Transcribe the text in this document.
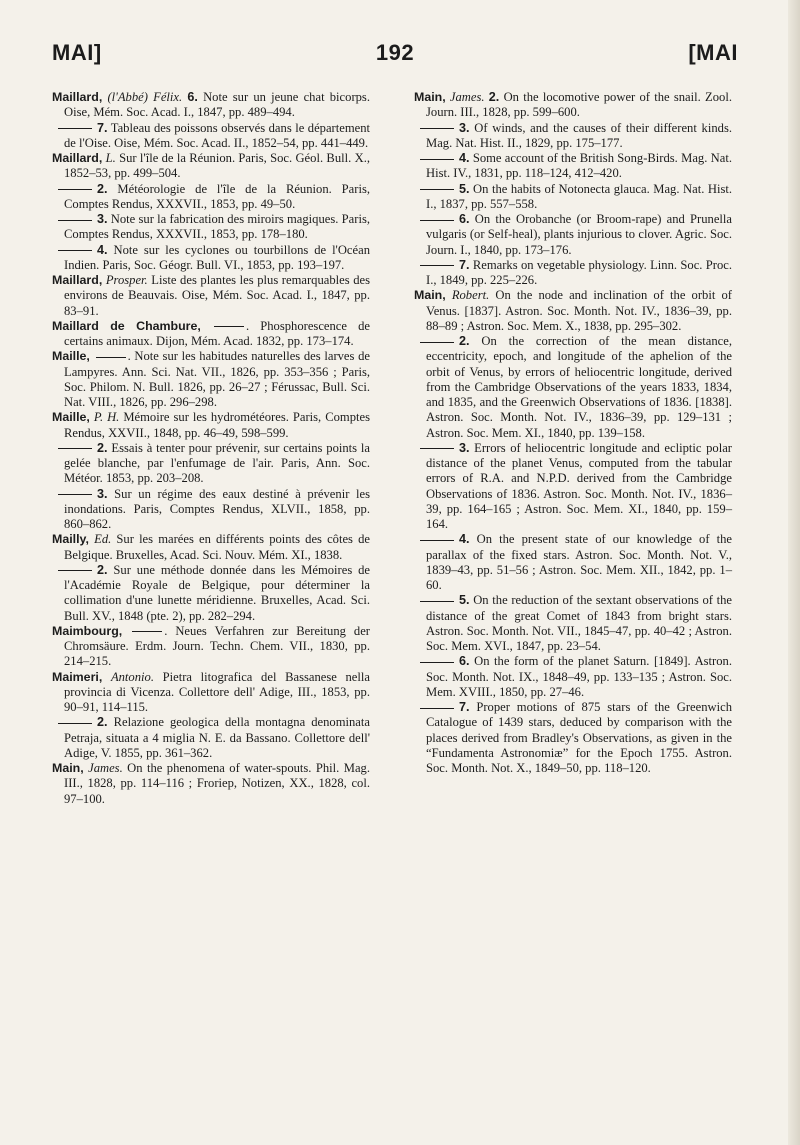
MAI]	192	[MAI
Maillard, (l'Abbé) Félix. 6. Note sur un jeune chat bicorps. Oise, Mém. Soc. Acad. I., 1847, pp. 489–494.
7. Tableau des poissons observés dans le département de l'Oise. Oise, Mém. Soc. Acad. II., 1852–54, pp. 441–449.
Maillard, L. Sur l'île de la Réunion. Paris, Soc. Géol. Bull. X., 1852–53, pp. 499–504.
2. Météorologie de l'île de la Réunion. Paris, Comptes Rendus, XXXVII., 1853, pp. 49–50.
3. Note sur la fabrication des miroirs magiques. Paris, Comptes Rendus, XXXVII., 1853, pp. 178–180.
4. Note sur les cyclones ou tourbillons de l'Océan Indien. Paris, Soc. Géogr. Bull. VI., 1853, pp. 193–197.
Maillard, Prosper. Liste des plantes les plus remarquables des environs de Beauvais. Oise, Mém. Soc. Acad. I., 1847, pp. 83–91.
Maillard de Chambure,	. Phosphorescence de certains animaux. Dijon, Mém. Acad. 1832, pp. 173–174.
Maille,	. Note sur les habitudes naturelles des larves de Lampyres. Ann. Sci. Nat. VII., 1826, pp. 353–356 ; Paris, Soc. Philom. N. Bull. 1826, pp. 26–27 ; Férussac, Bull. Sci. Nat. VIII., 1826, pp. 296–298.
Maille, P. H. Mémoire sur les hydrométéores. Paris, Comptes Rendus, XXVII., 1848, pp. 46–49, 598–599.
2. Essais à tenter pour prévenir, sur certains points la gelée blanche, par l'enfumage de l'air. Paris, Ann. Soc. Météor. 1853, pp. 203–208.
3. Sur un régime des eaux destiné à prévenir les inondations. Paris, Comptes Rendus, XLVII., 1858, pp. 860–862.
Mailly, Ed. Sur les marées en différents points des côtes de Belgique. Bruxelles, Acad. Sci. Nouv. Mém. XI., 1838.
2. Sur une méthode donnée dans les Mémoires de l'Académie Royale de Belgique, pour déterminer la collimation d'une lunette méridienne. Bruxelles, Acad. Sci. Bull. XV., 1848 (pte. 2), pp. 282–294.
Maimbourg,	. Neues Verfahren zur Bereitung der Chromsäure. Erdm. Journ. Techn. Chem. VII., 1830, pp. 214–215.
Maimeri, Antonio. Pietra litografica del Bassanese nella provincia di Vicenza. Collettore dell' Adige, III., 1853, pp. 90–91, 114–115.
2. Relazione geologica della montagna denominata Petraja, situata a 4 miglia N. E. da Bassano. Collettore dell' Adige, V. 1855, pp. 361–362.
Main, James. On the phenomena of water-spouts. Phil. Mag. III., 1828, pp. 114–116 ; Froriep, Notizen, XX., 1828, col. 97–100.
Main, James. 2. On the locomotive power of the snail. Zool. Journ. III., 1828, pp. 599–600.
3. Of winds, and the causes of their different kinds. Mag. Nat. Hist. II., 1829, pp. 175–177.
4. Some account of the British Song-Birds. Mag. Nat. Hist. IV., 1831, pp. 118–124, 412–420.
5. On the habits of Notonecta glauca. Mag. Nat. Hist. I., 1837, pp. 557–558.
6. On the Orobanche (or Broom-rape) and Prunella vulgaris (or Self-heal), plants injurious to clover. Agric. Soc. Journ. I., 1840, pp. 173–176.
7. Remarks on vegetable physiology. Linn. Soc. Proc. I., 1849, pp. 225–226.
Main, Robert. On the node and inclination of the orbit of Venus. [1837]. Astron. Soc. Month. Not. IV., 1836–39, pp. 88–89 ; Astron. Soc. Mem. X., 1838, pp. 295–302.
2. On the correction of the mean distance, eccentricity, epoch, and longitude of the aphelion of the orbit of Venus, by errors of heliocentric longitude, derived from the Cambridge Observations of the years 1833, 1834, and 1835, and the Greenwich Observations of 1836. [1838]. Astron. Soc. Month. Not. IV., 1836–39, pp. 129–131 ; Astron. Soc. Mem. XI., 1840, pp. 139–158.
3. Errors of heliocentric longitude and ecliptic polar distance of the planet Venus, computed from the tabular errors of R.A. and N.P.D. derived from the Cambridge Observations of 1836. Astron. Soc. Month. Not. IV., 1836–39, pp. 164–165 ; Astron. Soc. Mem. XI., 1840, pp. 159–164.
4. On the present state of our knowledge of the parallax of the fixed stars. Astron. Soc. Month. Not. V., 1839–43, pp. 51–56 ; Astron. Soc. Mem. XII., 1842, pp. 1–60.
5. On the reduction of the sextant observations of the distance of the great Comet of 1843 from bright stars. Astron. Soc. Month. Not. VII., 1845–47, pp. 40–42 ; Astron. Soc. Mem. XVI., 1847, pp. 23–54.
6. On the form of the planet Saturn. [1849]. Astron. Soc. Month. Not. IX., 1848–49, pp. 133–135 ; Astron. Soc. Mem. XVIII., 1850, pp. 27–46.
7. Proper motions of 875 stars of the Greenwich Catalogue of 1439 stars, deduced by comparison with the places derived from Bradley's Observations, as given in the “Fundamenta Astronomiæ” for the Epoch 1755. Astron. Soc. Month. Not. X., 1849–50, pp. 118–120.
